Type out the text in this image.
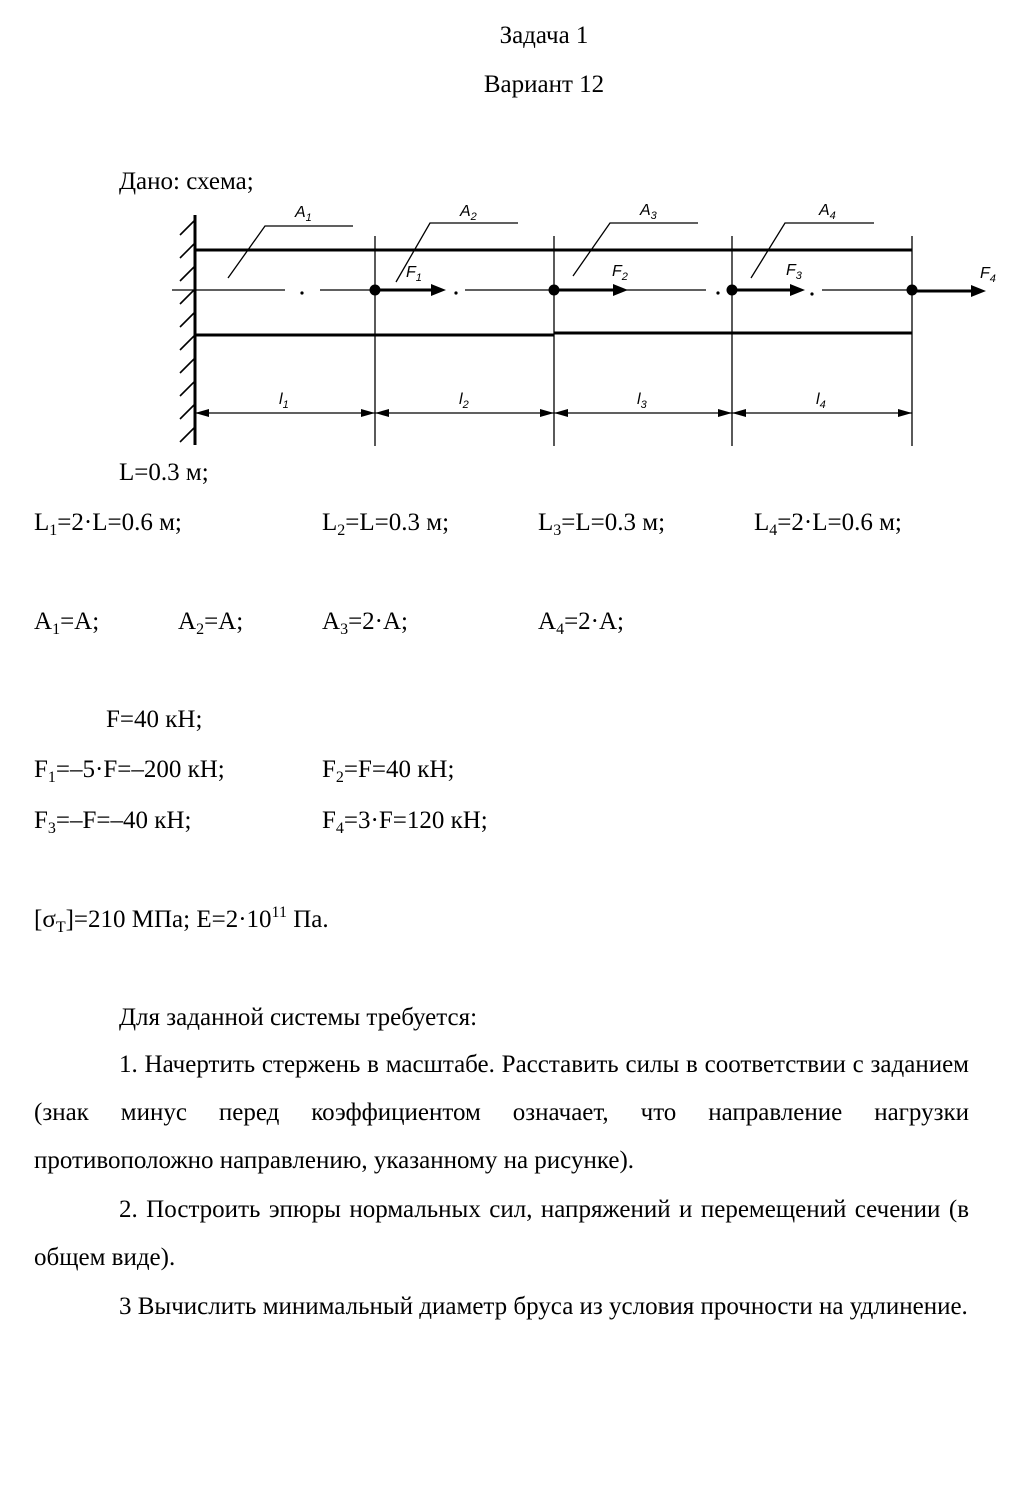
Задача 1
Вариант 12
Дано: схема;
$A_1$	$A_2$	$A_3$	$A_4$
$F_1$	$F_2$	$F_3$	$F_4$
$l_1$	$l_2$	$l_3$	$l_4$
L=0.3 м;
$L_1=2\cdot L=0.6$ м;	$L_2=L=0.3$ м;	$L_3=L=0.3$ м;	$L_4=2\cdot L=0.6$ м;
$A_1=A$;	$A_2=A$;	$A_3=2\cdot A$;	$A_4=2\cdot A$;
F=40 кН;
$F_1=-5\cdot F=-200$ кН;	$F_2=F=40$ кН;
$F_3=-F=-40$ кН;	$F_4=3\cdot F=120$ кН;
$[\sigma_T]=210$ МПа; $E=2\cdot 10^{11}$ Па.
Для заданной системы требуется:
1. Начертить стержень в масштабе. Расставить силы в соответствии с заданием (знак минус перед коэффициентом означает, что направление нагрузки противоположно направлению, указанному на рисунке).
2. Построить эпюры нормальных сил, напряжений и перемещений сечении (в общем виде).
3 Вычислить минимальный диаметр бруса из условия прочности на удлинение.
